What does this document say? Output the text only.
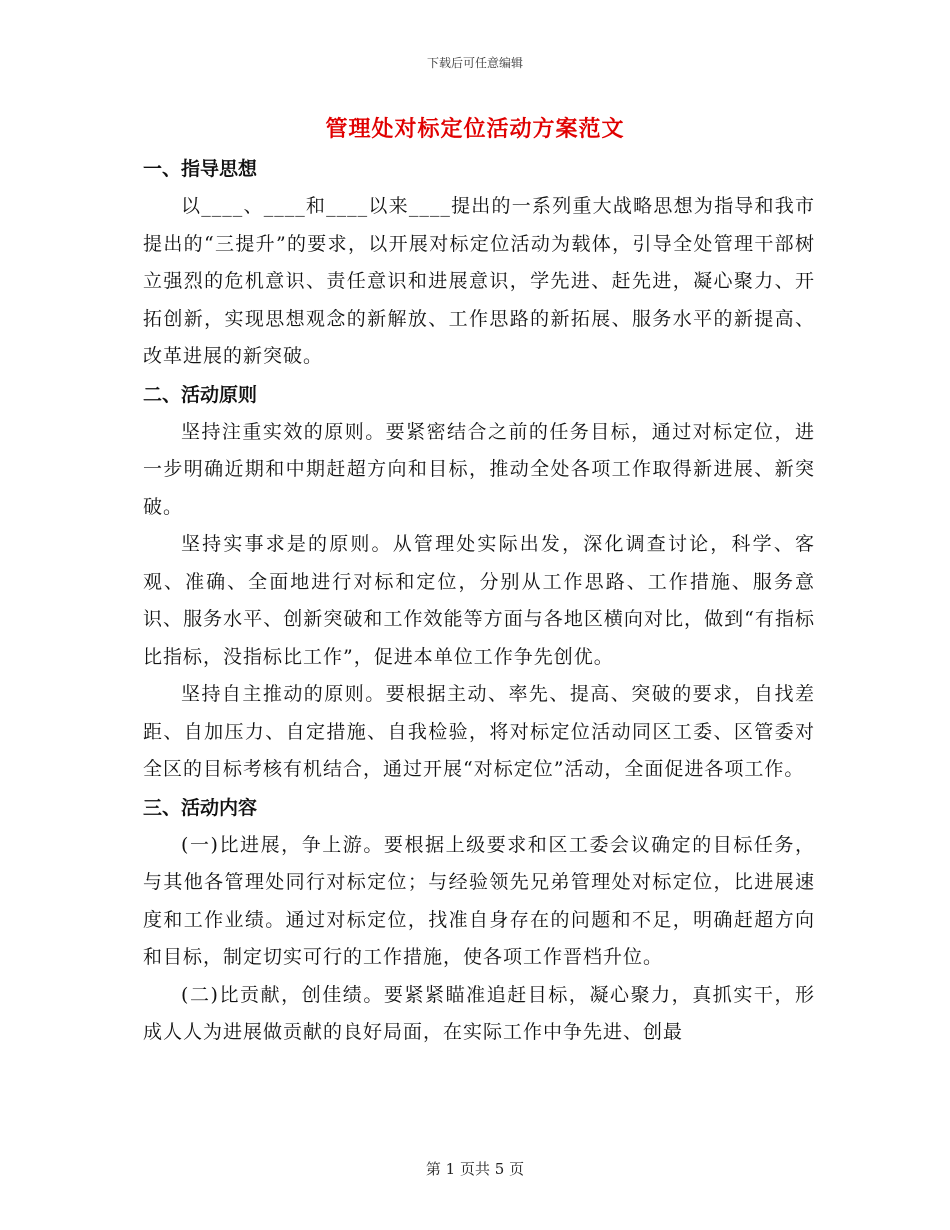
下载后可任意编辑
管理处对标定位活动方案范文
一、指导思想

以____、____和____以来____提出的一系列重大战略思想为指导和我市提出的“三提升”的要求，以开展对标定位活动为载体，引导全处管理干部树立强烈的危机意识、责任意识和进展意识，学先进、赶先进，凝心聚力、开拓创新，实现思想观念的新解放、工作思路的新拓展、服务水平的新提高、改革进展的新突破。

二、活动原则

坚持注重实效的原则。要紧密结合之前的任务目标，通过对标定位，进一步明确近期和中期赶超方向和目标，推动全处各项工作取得新进展、新突破。

坚持实事求是的原则。从管理处实际出发，深化调查讨论，科学、客观、准确、全面地进行对标和定位，分别从工作思路、工作措施、服务意识、服务水平、创新突破和工作效能等方面与各地区横向对比，做到“有指标比指标，没指标比工作”，促进本单位工作争先创优。

坚持自主推动的原则。要根据主动、率先、提高、突破的要求，自找差距、自加压力、自定措施、自我检验，将对标定位活动同区工委、区管委对全区的目标考核有机结合，通过开展“对标定位”活动，全面促进各项工作。

三、活动内容

(一)比进展，争上游。要根据上级要求和区工委会议确定的目标任务，与其他各管理处同行对标定位；与经验领先兄弟管理处对标定位，比进展速度和工作业绩。通过对标定位，找准自身存在的问题和不足，明确赶超方向和目标，制定切实可行的工作措施，使各项工作晋档升位。

(二)比贡献，创佳绩。要紧紧瞄准追赶目标，凝心聚力，真抓实干，形成人人为进展做贡献的良好局面，在实际工作中争先进、创最

第 1 页共 5 页
